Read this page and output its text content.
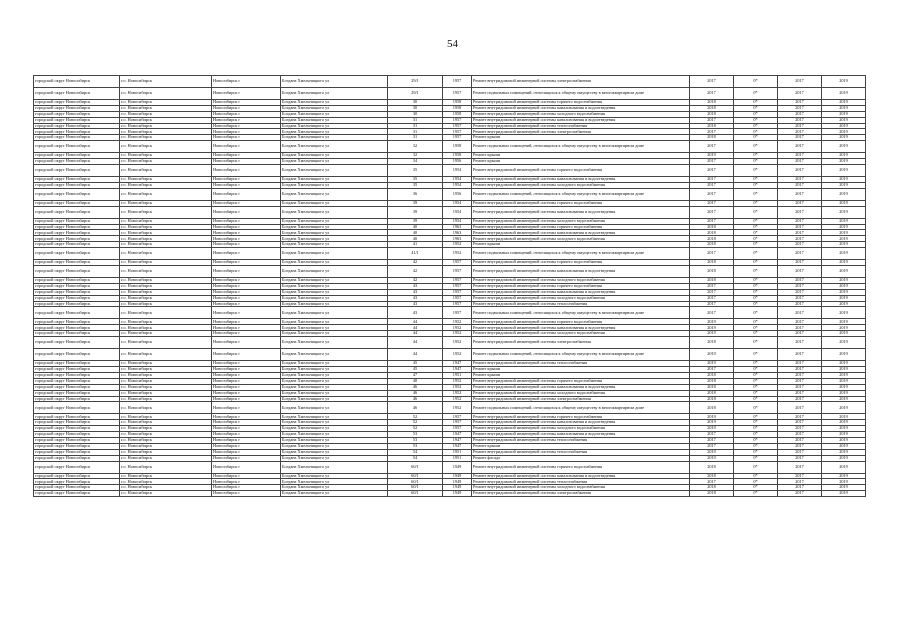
54
городской округ Новосибирск	г.о. Новосибирск	Новосибирск г	Богдана Хмельницкого ул	29/1	1957	Ремонт внутридомовой инженерной системы электроснабжения	2017	0*	2017	2019
городской округ Новосибирск	г.о. Новосибирск	Новосибирск г	Богдана Хмельницкого ул	29/1	1957	Ремонт подвальных помещений, относящихся к общему имуществу в многоквартирном доме	2017	0*	2017	2019
городской округ Новосибирск	г.о. Новосибирск	Новосибирск г	Богдана Хмельницкого ул	30	1958	Ремонт внутридомовой инженерной системы горячего водоснабжения	2018	0*	2017	2019
городской округ Новосибирск	г.о. Новосибирск	Новосибирск г	Богдана Хмельницкого ул	30	1958	Ремонт внутридомовой инженерной системы канализования и водоотведения	2018	0*	2017	2019
городской округ Новосибирск	г.о. Новосибирск	Новосибирск г	Богдана Хмельницкого ул	30	1958	Ремонт внутридомовой инженерной системы холодного водоснабжения	2018	0*	2017	2019
городской округ Новосибирск	г.о. Новосибирск	Новосибирск г	Богдана Хмельницкого ул	31	1957	Ремонт внутридомовой инженерной системы канализования и водоотведения	2017	0*	2017	2019
городской округ Новосибирск	г.о. Новосибирск	Новосибирск г	Богдана Хмельницкого ул	31	1957	Ремонт внутридомовой инженерной системы теплоснабжения	2018	0*	2017	2019
городской округ Новосибирск	г.о. Новосибирск	Новосибирск г	Богдана Хмельницкого ул	31	1957	Ремонт внутридомовой инженерной системы электроснабжения	2017	0*	2017	2019
городской округ Новосибирск	г.о. Новосибирск	Новосибирск г	Богдана Хмельницкого ул	31	1957	Ремонт крыши	2018	0*	2017	2019
городской округ Новосибирск	г.о. Новосибирск	Новосибирск г	Богдана Хмельницкого ул	32	1958	Ремонт подвальных помещений, относящихся к общему имуществу в многоквартирном доме	2017	0*	2017	2019
городской округ Новосибирск	г.о. Новосибирск	Новосибирск г	Богдана Хмельницкого ул	32	1958	Ремонт крыши	2019	0*	2017	2019
городской округ Новосибирск	г.о. Новосибирск	Новосибирск г	Богдана Хмельницкого ул	34	1956	Ремонт крыши	2017	0*	2017	2019
городской округ Новосибирск	г.о. Новосибирск	Новосибирск г	Богдана Хмельницкого ул	35	1954	Ремонт внутридомовой инженерной системы горячего водоснабжения	2017	0*	2017	2019
городской округ Новосибирск	г.о. Новосибирск	Новосибирск г	Богдана Хмельницкого ул	35	1954	Ремонт внутридомовой инженерной системы канализования и водоотведения	2017	0*	2017	2019
городской округ Новосибирск	г.о. Новосибирск	Новосибирск г	Богдана Хмельницкого ул	35	1954	Ремонт внутридомовой инженерной системы холодного водоснабжения	2017	0*	2017	2019
городской округ Новосибирск	г.о. Новосибирск	Новосибирск г	Богдана Хмельницкого ул	36	1956	Ремонт подвальных помещений, относящихся к общему имуществу в многоквартирном доме	2017	0*	2017	2019
городской округ Новосибирск	г.о. Новосибирск	Новосибирск г	Богдана Хмельницкого ул	39	1954	Ремонт внутридомовой инженерной системы горячего водоснабжения	2017	0*	2017	2019
городской округ Новосибирск	г.о. Новосибирск	Новосибирск г	Богдана Хмельницкого ул	39	1954	Ремонт внутридомовой инженерной системы канализования и водоотведения	2017	0*	2017	2019
городской округ Новосибирск	г.о. Новосибирск	Новосибирск г	Богдана Хмельницкого ул	39	1954	Ремонт внутридомовой инженерной системы холодного водоснабжения	2017	0*	2017	2019
городской округ Новосибирск	г.о. Новосибирск	Новосибирск г	Богдана Хмельницкого ул	40	1963	Ремонт внутридомовой инженерной системы горячего водоснабжения	2018	0*	2017	2019
городской округ Новосибирск	г.о. Новосибирск	Новосибирск г	Богдана Хмельницкого ул	40	1963	Ремонт внутридомовой инженерной системы канализования и водоотведения	2018	0*	2017	2019
городской округ Новосибирск	г.о. Новосибирск	Новосибирск г	Богдана Хмельницкого ул	40	1963	Ремонт внутридомовой инженерной системы холодного водоснабжения	2018	0*	2017	2019
городской округ Новосибирск	г.о. Новосибирск	Новосибирск г	Богдана Хмельницкого ул	41	1952	Ремонт крыши	2018	0*	2017	2019
городской округ Новосибирск	г.о. Новосибирск	Новосибирск г	Богдана Хмельницкого ул	41/1	1952	Ремонт подвальных помещений, относящихся к общему имуществу в многоквартирном доме	2017	0*	2017	2019
городской округ Новосибирск	г.о. Новосибирск	Новосибирск г	Богдана Хмельницкого ул	42	1957	Ремонт внутридомовой инженерной системы горячего водоснабжения	2018	0*	2017	2019
городской округ Новосибирск	г.о. Новосибирск	Новосибирск г	Богдана Хмельницкого ул	42	1957	Ремонт внутридомовой инженерной системы канализования и водоотведения	2018	0*	2017	2019
городской округ Новосибирск	г.о. Новосибирск	Новосибирск г	Богдана Хмельницкого ул	42	1957	Ремонт внутридомовой инженерной системы холодного водоснабжения	2018	0*	2017	2019
городской округ Новосибирск	г.о. Новосибирск	Новосибирск г	Богдана Хмельницкого ул	43	1957	Ремонт внутридомовой инженерной системы горячего водоснабжения	2017	0*	2017	2019
городской округ Новосибирск	г.о. Новосибирск	Новосибирск г	Богдана Хмельницкого ул	43	1957	Ремонт внутридомовой инженерной системы канализования и водоотведения	2017	0*	2017	2019
городской округ Новосибирск	г.о. Новосибирск	Новосибирск г	Богдана Хмельницкого ул	43	1957	Ремонт внутридомовой инженерной системы холодного водоснабжения	2017	0*	2017	2019
городской округ Новосибирск	г.о. Новосибирск	Новосибирск г	Богдана Хмельницкого ул	43	1957	Ремонт внутридомовой инженерной системы теплоснабжения	2017	0*	2017	2019
городской округ Новосибирск	г.о. Новосибирск	Новосибирск г	Богдана Хмельницкого ул	43	1957	Ремонт подвальных помещений, относящихся к общему имуществу в многоквартирном доме	2017	0*	2017	2019
городской округ Новосибирск	г.о. Новосибирск	Новосибирск г	Богдана Хмельницкого ул	44	1952	Ремонт внутридомовой инженерной системы горячего водоснабжения	2019	0*	2017	2019
городской округ Новосибирск	г.о. Новосибирск	Новосибирск г	Богдана Хмельницкого ул	44	1952	Ремонт внутридомовой инженерной системы канализования и водоотведения	2019	0*	2017	2019
городской округ Новосибирск	г.о. Новосибирск	Новосибирск г	Богдана Хмельницкого ул	44	1952	Ремонт внутридомовой инженерной системы холодного водоснабжения	2019	0*	2017	2019
городской округ Новосибирск	г.о. Новосибирск	Новосибирск г	Богдана Хмельницкого ул	44	1952	Ремонт внутридомовой инженерной системы электроснабжения	2018	0*	2017	2019
городской округ Новосибирск	г.о. Новосибирск	Новосибирск г	Богдана Хмельницкого ул	44	1952	Ремонт подвальных помещений, относящихся к общему имуществу в многоквартирном доме	2019	0*	2017	2019
городской округ Новосибирск	г.о. Новосибирск	Новосибирск г	Богдана Хмельницкого ул	45	1947	Ремонт внутридомовой инженерной системы теплоснабжения	2019	0*	2017	2019
городской округ Новосибирск	г.о. Новосибирск	Новосибирск г	Богдана Хмельницкого ул	45	1947	Ремонт крыши	2017	0*	2017	2019
городской округ Новосибирск	г.о. Новосибирск	Новосибирск г	Богдана Хмельницкого ул	47	1951	Ремонт крыши	2018	0*	2017	2019
городской округ Новосибирск	г.о. Новосибирск	Новосибирск г	Богдана Хмельницкого ул	48	1952	Ремонт внутридомовой инженерной системы горячего водоснабжения	2018	0*	2017	2019
городской округ Новосибирск	г.о. Новосибирск	Новосибирск г	Богдана Хмельницкого ул	46	1952	Ремонт внутридомовой инженерной системы канализования и водоотведения	2018	0*	2017	2019
городской округ Новосибирск	г.о. Новосибирск	Новосибирск г	Богдана Хмельницкого ул	46	1952	Ремонт внутридомовой инженерной системы холодного водоснабжения	2018	0*	2017	2019
городской округ Новосибирск	г.о. Новосибирск	Новосибирск г	Богдана Хмельницкого ул	46	1952	Ремонт внутридомовой инженерной системы электроснабжения	2018	0*	2017	2019
городской округ Новосибирск	г.о. Новосибирск	Новосибирск г	Богдана Хмельницкого ул	46	1952	Ремонт подвальных помещений, относящихся к общему имуществу в многоквартирном доме	2018	0*	2017	2019
городской округ Новосибирск	г.о. Новосибирск	Новосибирск г	Богдана Хмельницкого ул	52	1957	Ремонт внутридомовой инженерной системы горячего водоснабжения	2019	0*	2017	2019
городской округ Новосибирск	г.о. Новосибирск	Новосибирск г	Богдана Хмельницкого ул	52	1957	Ремонт внутридомовой инженерной системы канализования и водоотведения	2019	0*	2017	2019
городской округ Новосибирск	г.о. Новосибирск	Новосибирск г	Богдана Хмельницкого ул	52	1957	Ремонт внутридомовой инженерной системы холодного водоснабжения	2019	0*	2017	2019
городской округ Новосибирск	г.о. Новосибирск	Новосибирск г	Богдана Хмельницкого ул	53	1947	Ремонт внутридомовой инженерной системы канализования и водоотведения	2017	0*	2017	2019
городской округ Новосибирск	г.о. Новосибирск	Новосибирск г	Богдана Хмельницкого ул	53	1947	Ремонт внутридомовой инженерной системы теплоснабжения	2017	0*	2017	2019
городской округ Новосибирск	г.о. Новосибирск	Новосибирск г	Богдана Хмельницкого ул	53	1947	Ремонт крыши	2017	0*	2017	2019
городской округ Новосибирск	г.о. Новосибирск	Новосибирск г	Богдана Хмельницкого ул	54	1951	Ремонт внутридомовой инженерной системы теплоснабжения	2019	0*	2017	2019
городской округ Новосибирск	г.о. Новосибирск	Новосибирск г	Богдана Хмельницкого ул	54	1951	Ремонт фасада	2019	0*	2017	2019
городской округ Новосибирск	г.о. Новосибирск	Новосибирск г	Богдана Хмельницкого ул	60/1	1949	Ремонт внутридомовой инженерной системы горячего водоснабжения	2018	0*	2017	2019
городской округ Новосибирск	г.о. Новосибирск	Новосибирск г	Богдана Хмельницкого ул	60/1	1949	Ремонт внутридомовой инженерной системы канализования и водоотведения	2018	0*	2017	2019
городской округ Новосибирск	г.о. Новосибирск	Новосибирск г	Богдана Хмельницкого ул	60/1	1949	Ремонт внутридомовой инженерной системы теплоснабжения	2017	0*	2017	2019
городской округ Новосибирск	г.о. Новосибирск	Новосибирск г	Богдана Хмельницкого ул	60/1	1949	Ремонт внутридомовой инженерной системы холодного водоснабжения	2018	0*	2017	2019
городской округ Новосибирск	г.о. Новосибирск	Новосибирск г	Богдана Хмельницкого ул	60/1	1949	Ремонт внутридомовой инженерной системы электроснабжения	2018	0*	2017	2019
